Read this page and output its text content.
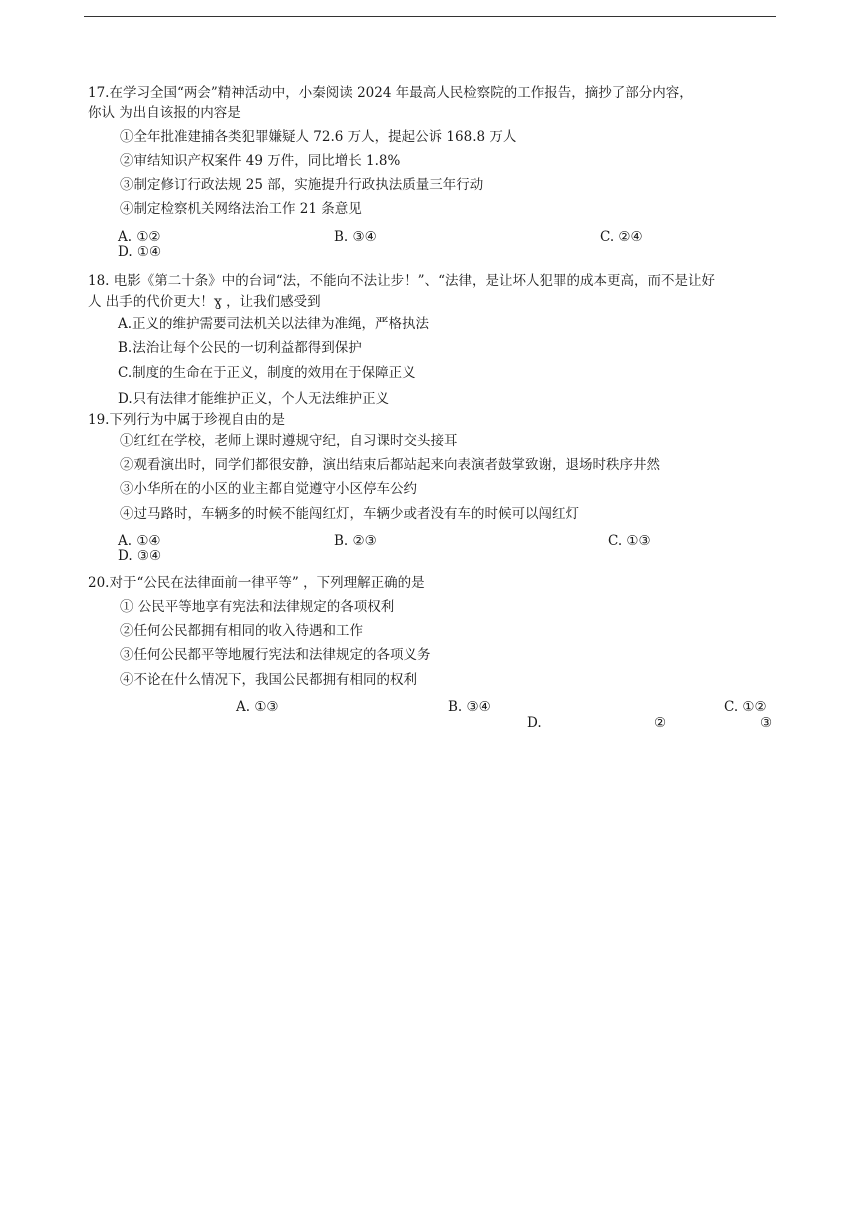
17.在学习全国“两会”精神活动中，小秦阅读 2024 年最高人民检察院的工作报告，摘抄了部分内容，
你认 为出自该报的内容是
①全年批准建捕各类犯罪嫌疑人 72.6 万人，提起公诉 168.8 万人
②审结知识产权案件 49 万件，同比增长 1.8%
③制定修订行政法规 25 部，实施提升行政执法质量三年行动
④制定检察机关网络法治工作 21 条意见
A. ①②	B. ③④	C. ②④
D. ①④
18. 电影《第二十条》中的台词“法，不能向不法让步！”、“法律，是让坏人犯罪的成本更高，而不是让好
人 出手的代价更大！ɣ ，让我们感受到
A.正义的维护需要司法机关以法律为准绳，严格执法
B.法治让每个公民的一切利益都得到保护
C.制度的生命在于正义，制度的效用在于保障正义
D.只有法律才能维护正义，个人无法维护正义
19.下列行为中属于珍视自由的是
①红红在学校，老师上课时遵规守纪，自习课时交头接耳
②观看演出时，同学们都很安静，演出结束后都站起来向表演者鼓掌致谢，退场时秩序井然
③小华所在的小区的业主都自觉遵守小区停车公约
④过马路时，车辆多的时候不能闯红灯，车辆少或者没有车的时候可以闯红灯
A. ①④	B. ②③	C. ①③
D. ③④
20.对于“公民在法律面前一律平等” ，下列理解正确的是
① 公民平等地享有宪法和法律规定的各项权利
②任何公民都拥有相同的收入待遇和工作
③任何公民都平等地履行宪法和法律规定的各项义务
④不论在什么情况下，我国公民都拥有相同的权利
A. ①③	B. ③④	C. ①②
D.	②	③
